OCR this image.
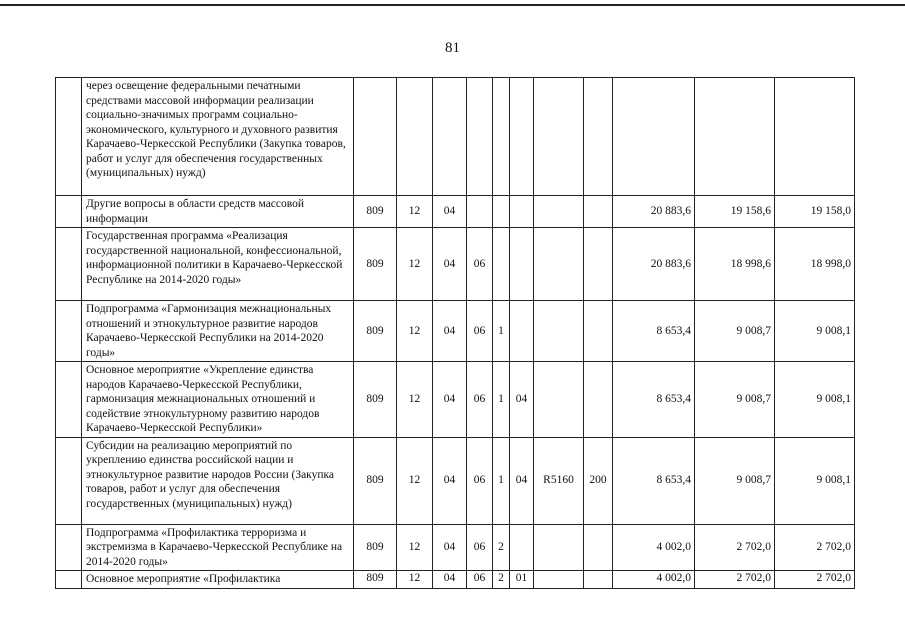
81
	через освещение федеральными печатными средствами массовой информации реализации социально-значимых программ социально-экономического, культурного и духовного развития Карачаево-Черкесской Республики (Закупка товаров, работ и услуг для обеспечения государственных (муниципальных) нужд)											
	Другие вопросы в области средств массовой информации	809	12	04						20 883,6	19 158,6	19 158,0
	Государственная программа «Реализация государственной национальной, конфессиональной, информационной политики в Карачаево-Черкесской Республике на 2014-2020 годы»	809	12	04	06					20 883,6	18 998,6	18 998,0
	Подпрограмма «Гармонизация межнациональных отношений и этнокультурное развитие народов Карачаево-Черкесской Республики на 2014-2020 годы»	809	12	04	06	1				8 653,4	9 008,7	9 008,1
	Основное мероприятие «Укрепление единства народов Карачаево-Черкесской Республики, гармонизация межнациональных отношений и содействие этнокультурному развитию народов Карачаево-Черкесской Республики»	809	12	04	06	1	04			8 653,4	9 008,7	9 008,1
	Субсидии на реализацию мероприятий по укреплению единства российской нации и этнокультурное развитие народов России (Закупка товаров, работ и услуг для обеспечения государственных (муниципальных) нужд)	809	12	04	06	1	04	R5160	200	8 653,4	9 008,7	9 008,1
	Подпрограмма «Профилактика терроризма и экстремизма в Карачаево-Черкесской Республике на 2014-2020 годы»	809	12	04	06	2				4 002,0	2 702,0	2 702,0
	Основное мероприятие «Профилактика	809	12	04	06	2	01			4 002,0	2 702,0	2 702,0
